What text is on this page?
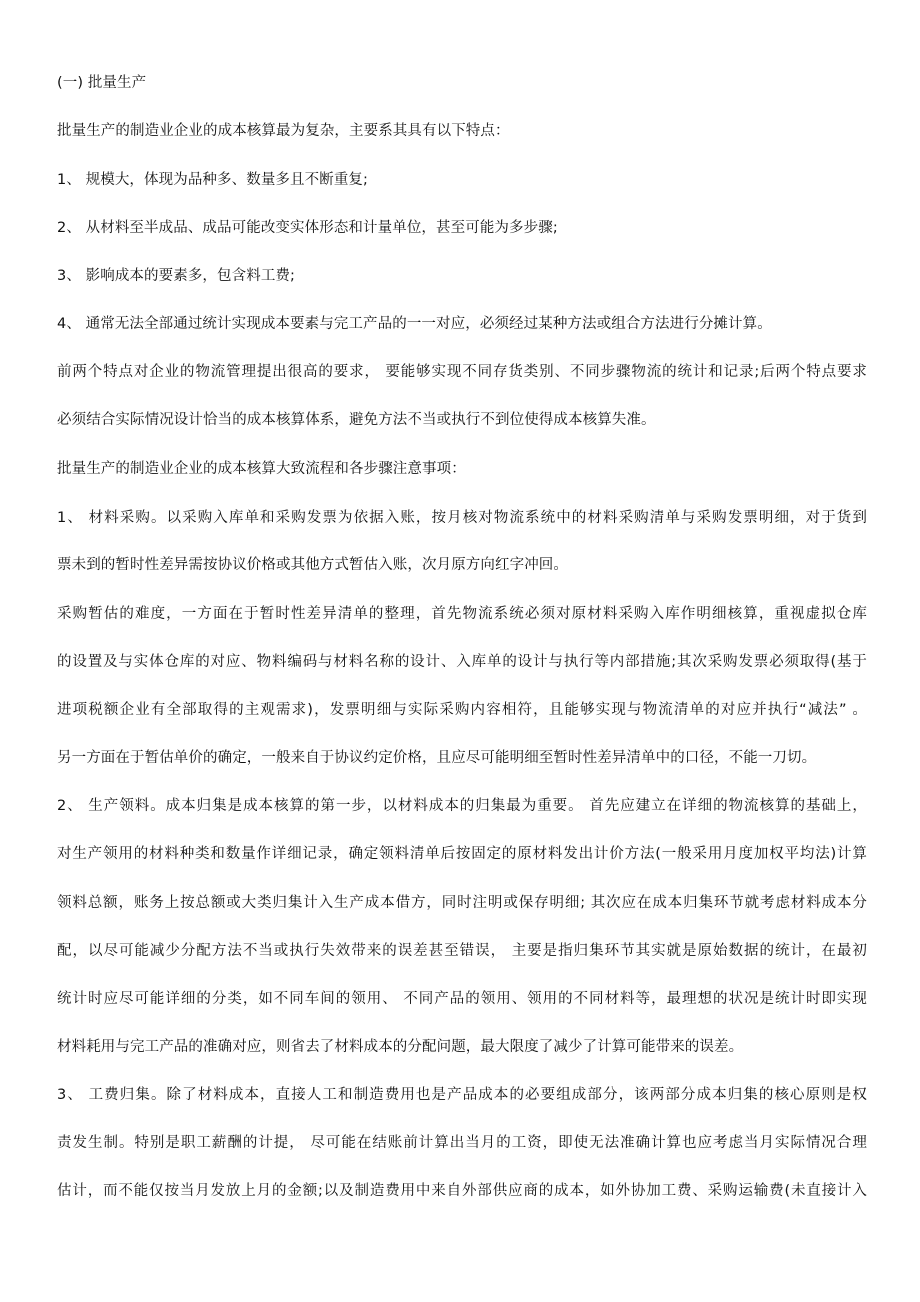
(一) 批量生产
批量生产的制造业企业的成本核算最为复杂，主要系其具有以下特点：
1、 规模大，体现为品种多、数量多且不断重复;
2、 从材料至半成品、成品可能改变实体形态和计量单位，甚至可能为多步骤;
3、 影响成本的要素多，包含料工费;
4、 通常无法全部通过统计实现成本要素与完工产品的一一对应，必须经过某种方法或组合方法进行分摊计算。
前两个特点对企业的物流管理提出很高的要求， 要能够实现不同存货类别、不同步骤物流的统计和记录;后两个特点要求
必须结合实际情况设计恰当的成本核算体系，避免方法不当或执行不到位使得成本核算失准。
批量生产的制造业企业的成本核算大致流程和各步骤注意事项：
1、 材料采购。以采购入库单和采购发票为依据入账，按月核对物流系统中的材料采购清单与采购发票明细，对于货到
票未到的暂时性差异需按协议价格或其他方式暂估入账，次月原方向红字冲回。
采购暂估的难度，一方面在于暂时性差异清单的整理，首先物流系统必须对原材料采购入库作明细核算，重视虚拟仓库
的设置及与实体仓库的对应、物料编码与材料名称的设计、入库单的设计与执行等内部措施;其次采购发票必须取得(基于
进项税额企业有全部取得的主观需求)，发票明细与实际采购内容相符，且能够实现与物流清单的对应并执行“减法” 。
另一方面在于暂估单价的确定，一般来自于协议约定价格，且应尽可能明细至暂时性差异清单中的口径，不能一刀切。
2、 生产领料。成本归集是成本核算的第一步，以材料成本的归集最为重要。 首先应建立在详细的物流核算的基础上，
对生产领用的材料种类和数量作详细记录，确定领料清单后按固定的原材料发出计价方法(一般采用月度加权平均法)计算
领料总额，账务上按总额或大类归集计入生产成本借方，同时注明或保存明细; 其次应在成本归集环节就考虑材料成本分
配，以尽可能减少分配方法不当或执行失效带来的误差甚至错误， 主要是指归集环节其实就是原始数据的统计，在最初
统计时应尽可能详细的分类，如不同车间的领用、 不同产品的领用、领用的不同材料等，最理想的状况是统计时即实现
材料耗用与完工产品的准确对应，则省去了材料成本的分配问题，最大限度了减少了计算可能带来的误差。
3、 工费归集。除了材料成本，直接人工和制造费用也是产品成本的必要组成部分，该两部分成本归集的核心原则是权
责发生制。特别是职工薪酬的计提， 尽可能在结账前计算出当月的工资，即使无法准确计算也应考虑当月实际情况合理
估计，而不能仅按当月发放上月的金额;以及制造费用中来自外部供应商的成本，如外协加工费、采购运输费(未直接计入
